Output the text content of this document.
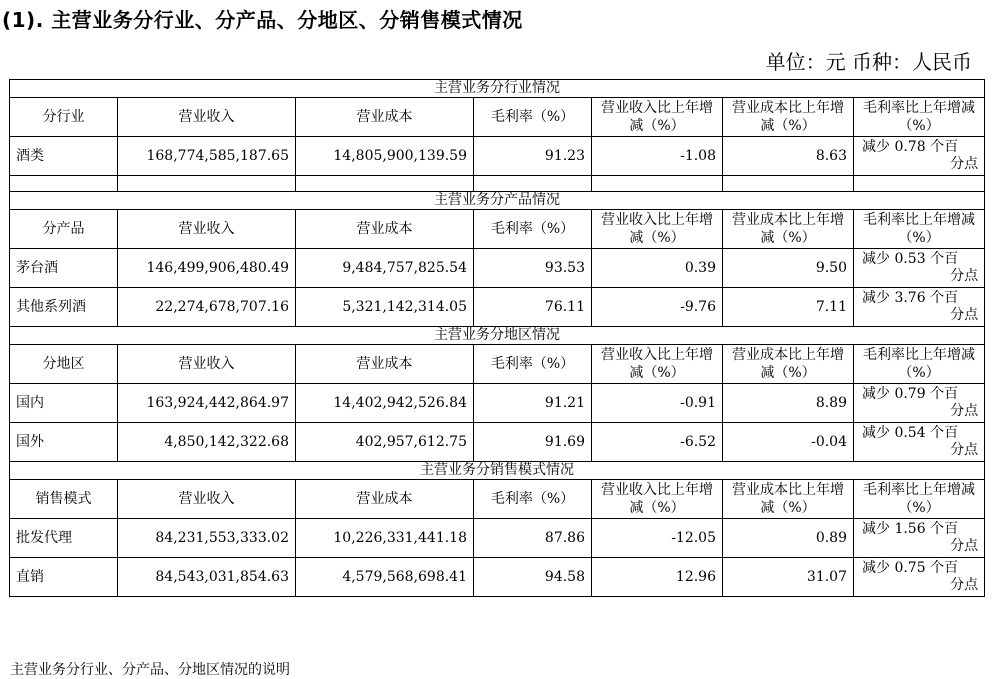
(1). 主营业务分行业、分产品、分地区、分销售模式情况
单位：元 币种：人民币
主营业务分行业情况						
分行业	营业收入	营业成本	毛利率（%）	营业收入比上年增减（%）	营业成本比上年增减（%）	毛利率比上年增减（%）
酒类	168,774,585,187.65	14,805,900,139.59	91.23	-1.08	8.63	减少 0.78 个百
分点

主营业务分产品情况						
分产品	营业收入	营业成本	毛利率（%）	营业收入比上年增减（%）	营业成本比上年增减（%）	毛利率比上年增减（%）
茅台酒	146,499,906,480.49	9,484,757,825.54	93.53	0.39	9.50	减少 0.53 个百
分点

其他系列酒	22,274,678,707.16	5,321,142,314.05	76.11	-9.76	7.11	减少 3.76 个百
分点

主营业务分地区情况						
分地区	营业收入	营业成本	毛利率（%）	营业收入比上年增减（%）	营业成本比上年增减（%）	毛利率比上年增减（%）
国内	163,924,442,864.97	14,402,942,526.84	91.21	-0.91	8.89	减少 0.79 个百
分点

国外	4,850,142,322.68	402,957,612.75	91.69	-6.52	-0.04	减少 0.54 个百
分点

主营业务分销售模式情况						
销售模式	营业收入	营业成本	毛利率（%）	营业收入比上年增减（%）	营业成本比上年增减（%）	毛利率比上年增减（%）
批发代理	84,231,553,333.02	10,226,331,441.18	87.86	-12.05	0.89	减少 1.56 个百
分点

直销	84,543,031,854.63	4,579,568,698.41	94.58	12.96	31.07	减少 0.75 个百
分点
主营业务分行业、分产品、分地区情况的说明
